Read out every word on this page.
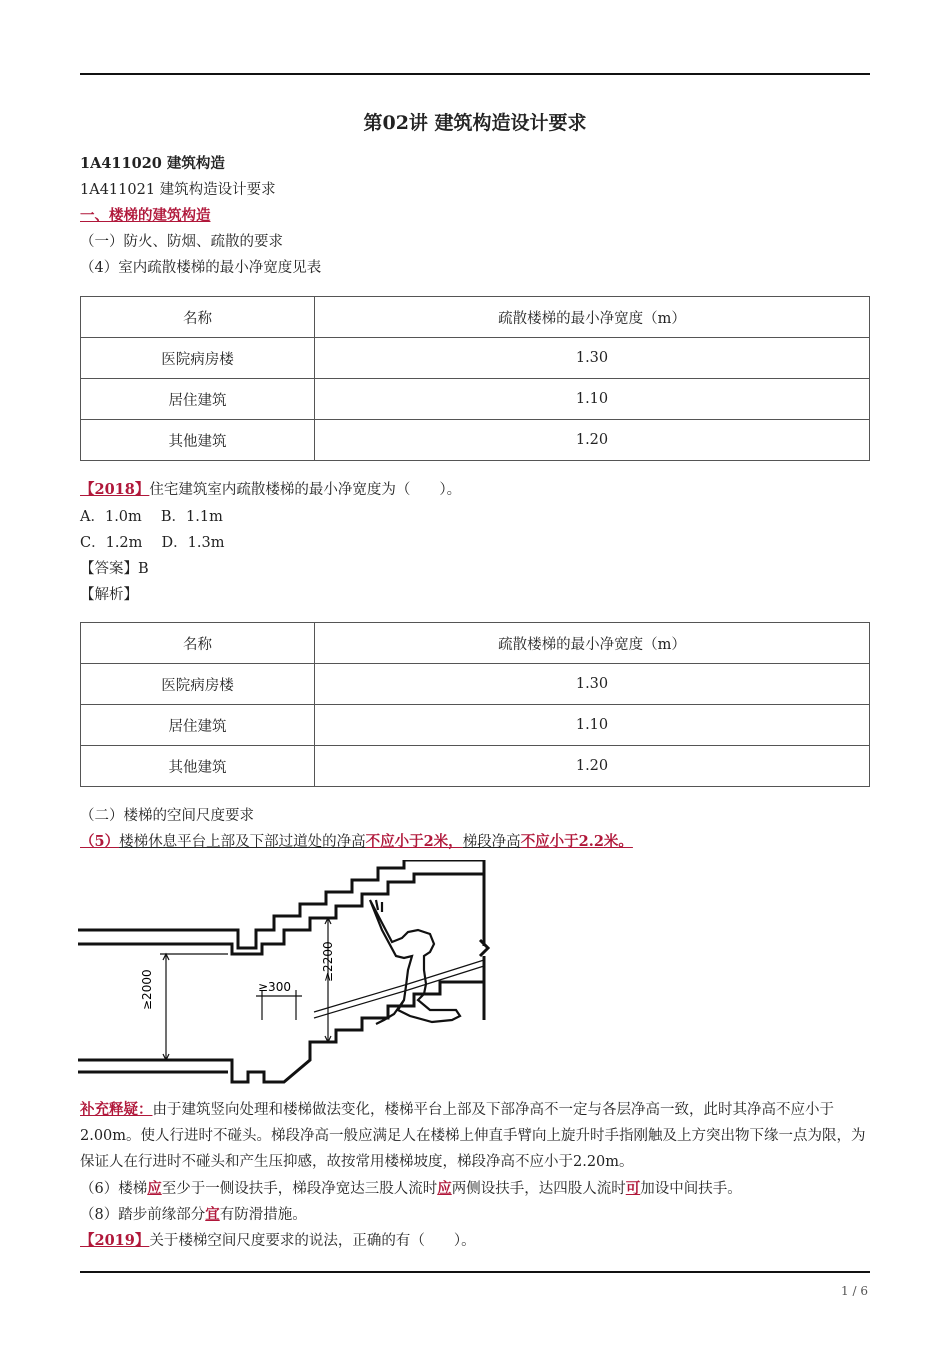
第02讲 建筑构造设计要求
1A411020 建筑构造
1A411021 建筑构造设计要求
一、楼梯的建筑构造
（一）防火、防烟、疏散的要求
（4）室内疏散楼梯的最小净宽度见表
名称	疏散楼梯的最小净宽度（m）
医院病房楼	1.30
居住建筑	1.10
其他建筑	1.20
【2018】住宅建筑室内疏散楼梯的最小净宽度为（　　）。
A．1.0m　 B．1.1m
C．1.2m　 D．1.3m
【答案】B
【解析】
名称	疏散楼梯的最小净宽度（m）
医院病房楼	1.30
居住建筑	1.10
其他建筑	1.20
（二）楼梯的空间尺度要求
（5）楼梯休息平台上部及下部过道处的净高不应小于2米，梯段净高不应小于2.2米。
≥2000
≥2200
≥300
补充释疑：由于建筑竖向处理和楼梯做法变化，楼梯平台上部及下部净高不一定与各层净高一致，此时其净高不应小于2.00m。使人行进时不碰头。梯段净高一般应满足人在楼梯上伸直手臂向上旋升时手指刚触及上方突出物下缘一点为限，为保证人在行进时不碰头和产生压抑感，故按常用楼梯坡度，梯段净高不应小于2.20m。
（6）楼梯应至少于一侧设扶手，梯段净宽达三股人流时应两侧设扶手，达四股人流时可加设中间扶手。
（8）踏步前缘部分宜有防滑措施。
【2019】关于楼梯空间尺度要求的说法，正确的有（　　）。
1 / 6
